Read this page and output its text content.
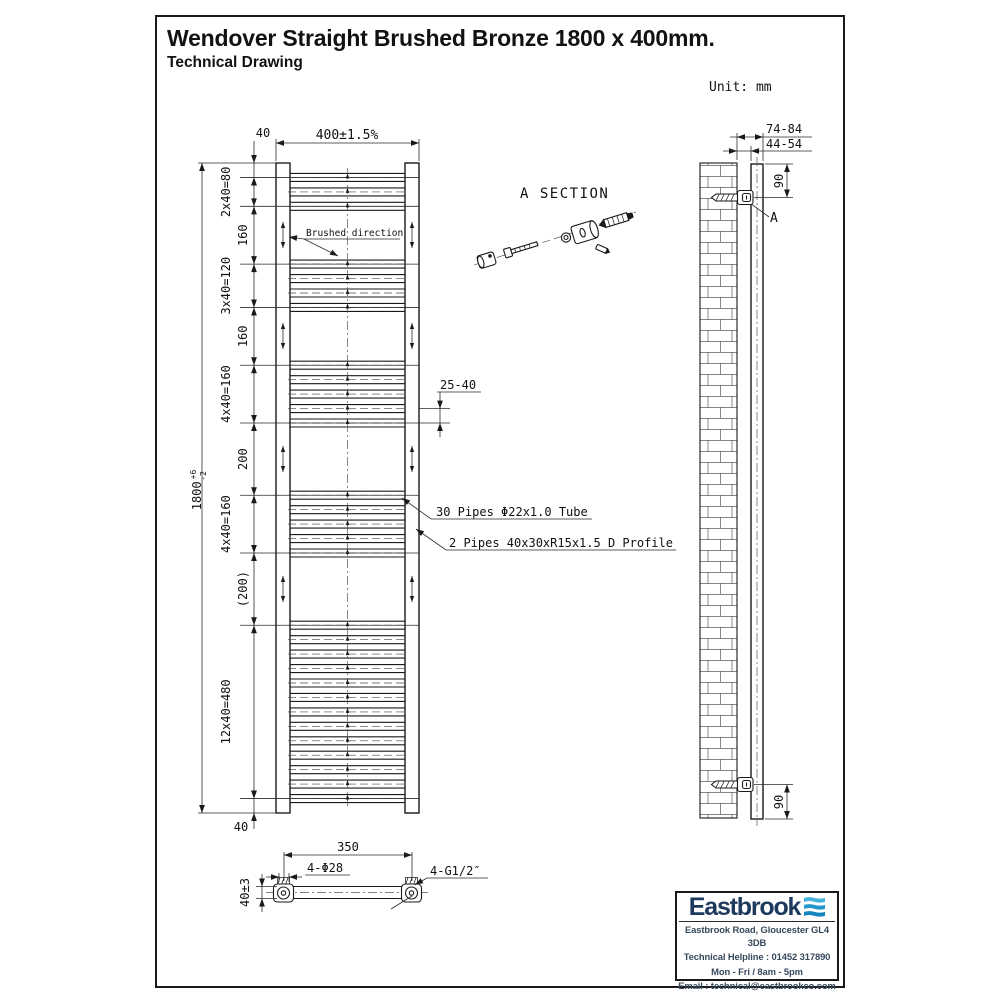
Wendover Straight Brushed Bronze 1800 x 400mm.
Technical Drawing
Unit: mm
40
2x40=80
160
3x40=120
160
4x40=160
200
4x40=160
(200)
12x40=480
40
400±1.5%
$1800^{+6}-2$
Brushed direction
25-40
30 Pipes Φ22x1.0 Tube
2 Pipes 40x30xR15x1.5 D Profile
A SECTION
A
74-84
44-54
90
90
350
4-Φ28
40±3
4-G1/2″
Eastbrook
Eastbrook Road, Gloucester GL4 3DB
Technical Helpline : 01452 317890
Mon - Fri / 8am - 5pm
Email : technical@eastbrookco.com
